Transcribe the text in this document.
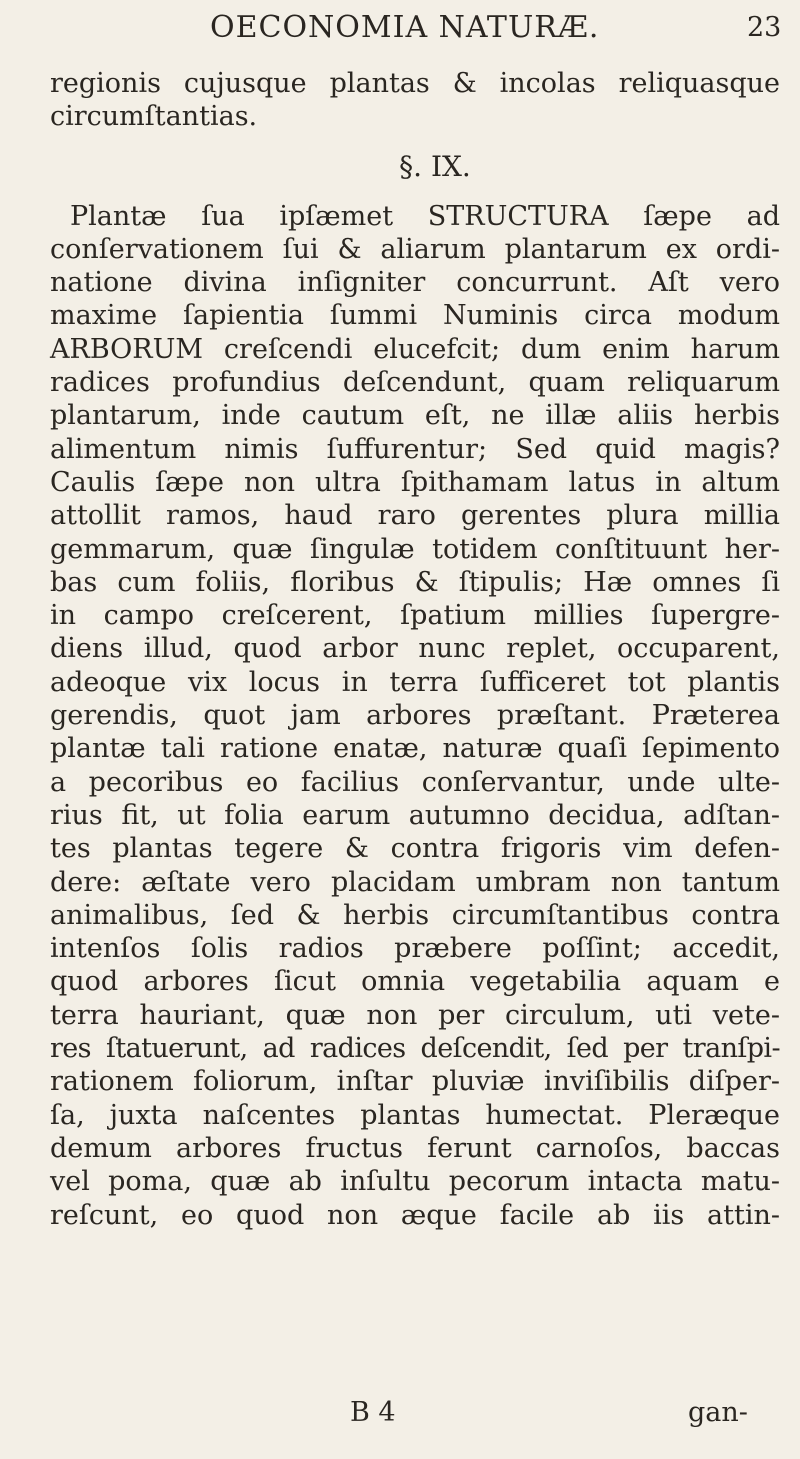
OECONOMIA NATURÆ.	23
regionis cujusque plantas & incolas reliquasque
circumſtantias.
§. IX.
Plantæ ſua ipſæmet STRUCTURA ſæpe ad
conſervationem ſui & aliarum plantarum ex ordi-
natione divina inſigniter concurrunt. Aſt vero
maxime ſapientia ſummi Numinis circa modum
ARBORUM creſcendi elucefcit; dum enim harum
radices profundius deſcendunt, quam reliquarum
plantarum, inde cautum eſt, ne illæ aliis herbis
alimentum nimis ſuffurentur; Sed quid magis?
Caulis ſæpe non ultra ſpithamam latus in altum
attollit ramos, haud raro gerentes plura millia
gemmarum, quæ ſingulæ totidem conſtituunt her-
bas cum foliis, floribus & ſtipulis; Hæ omnes ſi
in campo creſcerent, ſpatium millies ſupergre-
diens illud, quod arbor nunc replet, occuparent,
adeoque vix locus in terra ſufficeret tot plantis
gerendis, quot jam arbores præſtant. Præterea
plantæ tali ratione enatæ, naturæ quaſi ſepimento
a pecoribus eo facilius conſervantur, unde ulte-
rius fit, ut folia earum autumno decidua, adſtan-
tes plantas tegere & contra frigoris vim defen-
dere: æſtate vero placidam umbram non tantum
animalibus, ſed & herbis circumſtantibus contra
intenſos ſolis radios præbere poſſint; accedit,
quod arbores ſicut omnia vegetabilia aquam e
terra hauriant, quæ non per circulum, uti vete-
res ſtatuerunt, ad radices deſcendit, ſed per tranſpi-
rationem foliorum, inſtar pluviæ inviſibilis diſper-
ſa, juxta naſcentes plantas humectat. Pleræque
demum arbores fructus ferunt carnoſos, baccas
vel poma, quæ ab inſultu pecorum intacta matu-
reſcunt, eo quod non æque facile ab iis attin-
B 4	gan-
